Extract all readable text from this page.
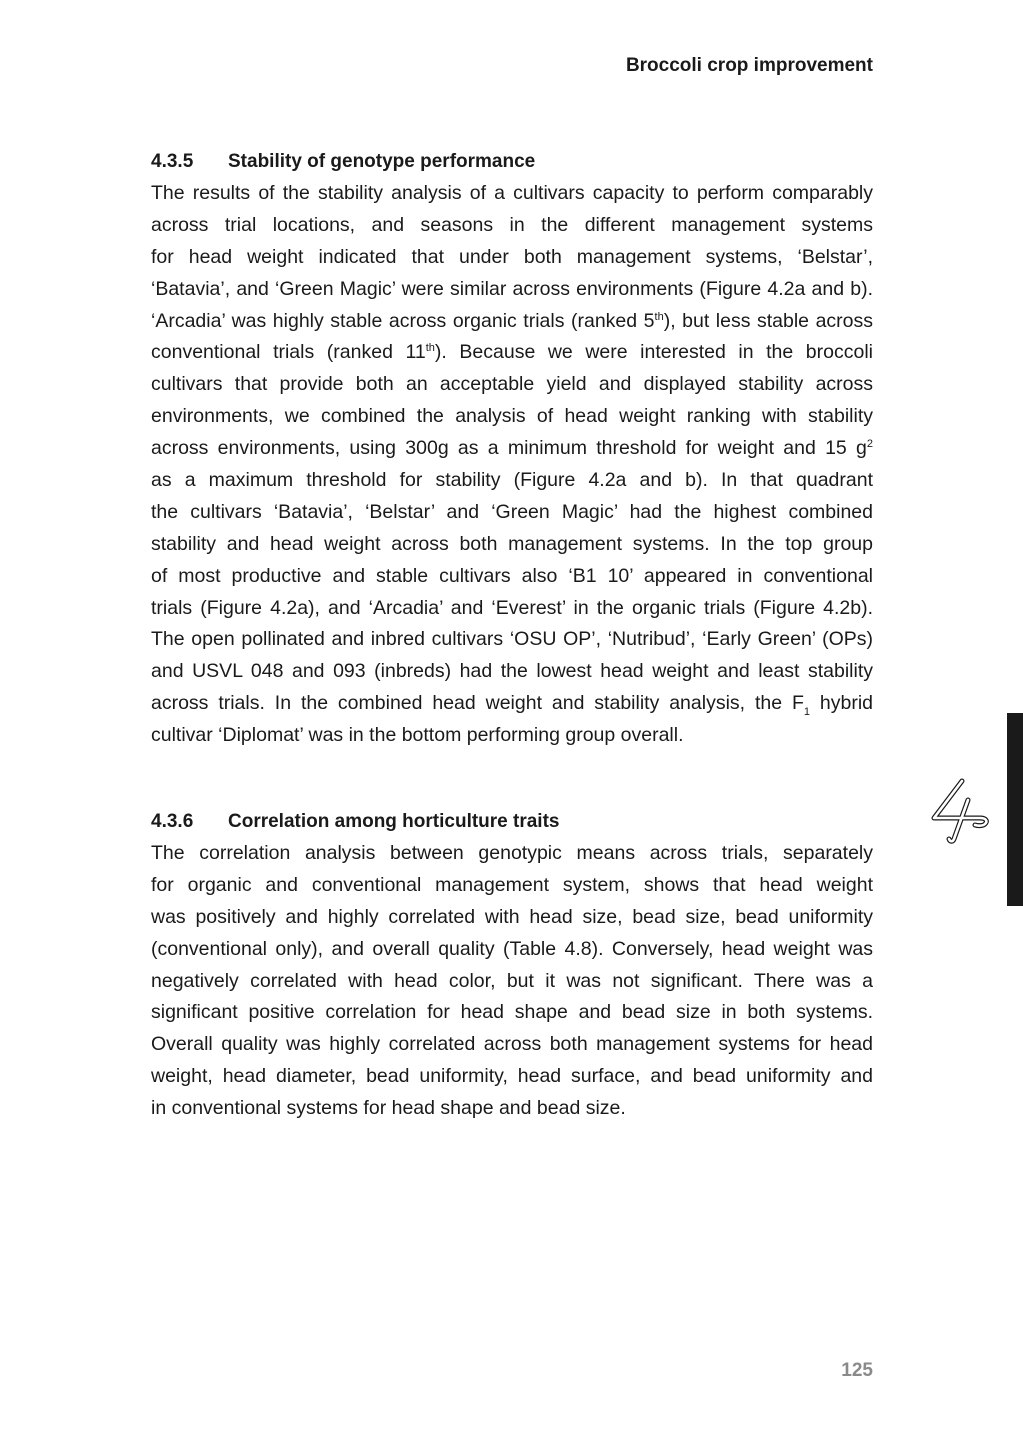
Broccoli crop improvement
4.3.5	Stability of genotype performance
The results of the stability analysis of a cultivars capacity to perform comparably
across trial locations, and seasons in the different management systems
for head weight indicated that under both management systems, ‘Belstar’,
‘Batavia’, and ‘Green Magic’ were similar across environments (Figure 4.2a and b).
‘Arcadia’ was highly stable across organic trials (ranked 5th), but less stable across
conventional trials (ranked 11th). Because we were interested in the broccoli
cultivars that provide both an acceptable yield and displayed stability across
environments, we combined the analysis of head weight ranking with stability
across environments, using 300g as a minimum threshold for weight and 15 $g^2$
as a maximum threshold for stability (Figure 4.2a and b). In that quadrant
the cultivars ‘Batavia’, ‘Belstar’ and ‘Green Magic’ had the highest combined
stability and head weight across both management systems. In the top group
of most productive and stable cultivars also ‘B1 10’ appeared in conventional
trials (Figure 4.2a), and ‘Arcadia’ and ‘Everest’ in the organic trials (Figure 4.2b).
The open pollinated and inbred cultivars ‘OSU OP’, ‘Nutribud’, ‘Early Green’ (OPs)
and USVL 048 and 093 (inbreds) had the lowest head weight and least stability
across trials. In the combined head weight and stability analysis, the $F_1$ hybrid
cultivar ‘Diplomat’ was in the bottom performing group overall.
4.3.6	Correlation among horticulture traits
The correlation analysis between genotypic means across trials, separately
for organic and conventional management system, shows that head weight
was positively and highly correlated with head size, bead size, bead uniformity
(conventional only), and overall quality (Table 4.8). Conversely, head weight was
negatively correlated with head color, but it was not significant. There was a
significant positive correlation for head shape and bead size in both systems.
Overall quality was highly correlated across both management systems for head
weight, head diameter, bead uniformity, head surface, and bead uniformity and
in conventional systems for head shape and bead size.
125
